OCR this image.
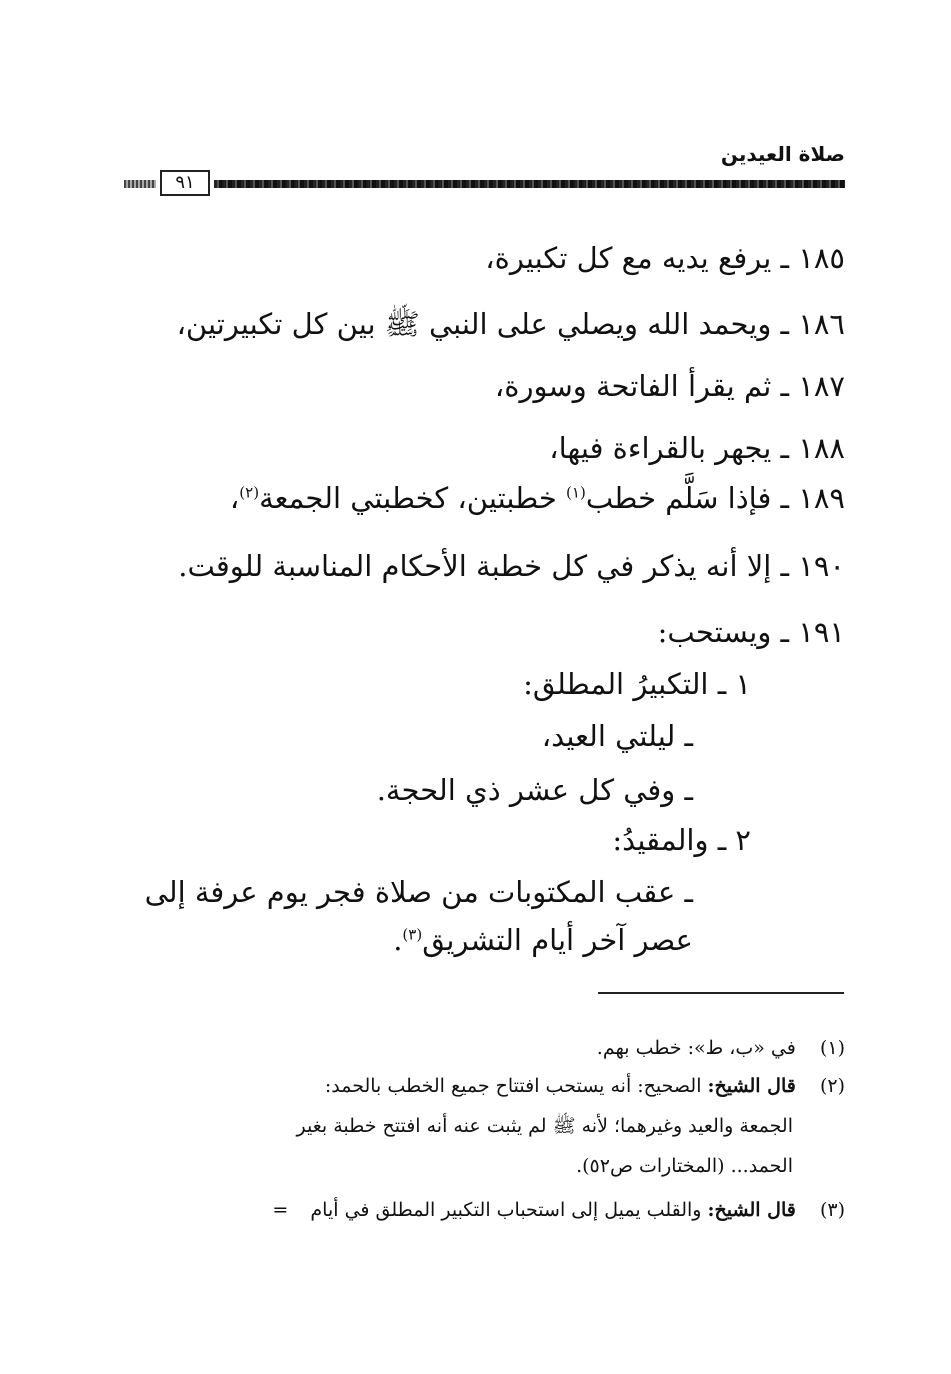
صلاة العيدين
٩١
١٨٥ ـ يرفع يديه مع كل تكبيرة،
١٨٦ ـ ويحمد الله ويصلي على النبي ﷺ بين كل تكبيرتين،
١٨٧ ـ ثم يقرأ الفاتحة وسورة،
١٨٨ ـ يجهر بالقراءة فيها،
١٨٩ ـ فإذا سَلَّم خطب$^{(١)}$ خطبتين، كخطبتي الجمعة$^{(٢)}$،
١٩٠ ـ إلا أنه يذكر في كل خطبة الأحكام المناسبة للوقت.
١٩١ ـ ويستحب:
١ ـ التكبيرُ المطلق:
ـ ليلتي العيد،
ـ وفي كل عشر ذي الحجة.
٢ ـ والمقيدُ:
ـ عقب المكتوبات من صلاة فجر يوم عرفة إلى
عصر آخر أيام التشريق$^{(٣)}$.
(١)  في «ب، ط»: خطب بهم.
(٢)  قال الشيخ: الصحيح: أنه يستحب افتتاح جميع الخطب بالحمد:
الجمعة والعيد وغيرهما؛ لأنه ﷺ لم يثبت عنه أنه افتتح خطبة بغير
الحمد... (المختارات ص٥٢).
(٣)  قال الشيخ: والقلب يميل إلى استحباب التكبير المطلق في أيام  =
